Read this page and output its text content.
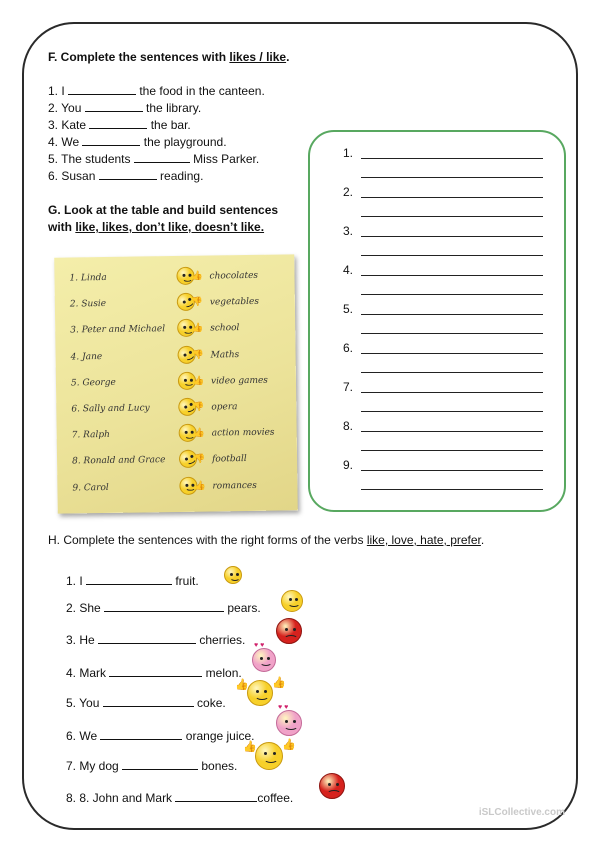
F. Complete the sentences with likes / like.
1. I	the food in the canteen.
2. You	the library.
3. Kate	the bar.
4. We	the playground.
5. The students	Miss Parker.
6. Susan	reading.
G. Look at the table and build sentences
with like, likes, don’t like, doesn’t like.
1. Linda	👍 chocolates
2. Susie	👎 vegetables
3. Peter and Michael	👍 school
4. Jane	👎 Maths
5. George	👍 video games
6. Sally and Lucy	👎 opera
7. Ralph	👍 action movies
8. Ronald and Grace	👎 football
9. Carol	👍 romances
1.
2.
3.
4.
5.
6.
7.
8.
9.
H. Complete the sentences with the right forms of the verbs like, love, hate, prefer.
1. I	fruit.
2. She	pears.
3. He	cherries.
4. Mark	melon.
5. You	coke.
6. We	orange juice.
7. My dog	bones.
8. 8. John and Mark	coffee.
iSLCollective.com
♥ ♥
👍 👍
♥ ♥
👍 👍
